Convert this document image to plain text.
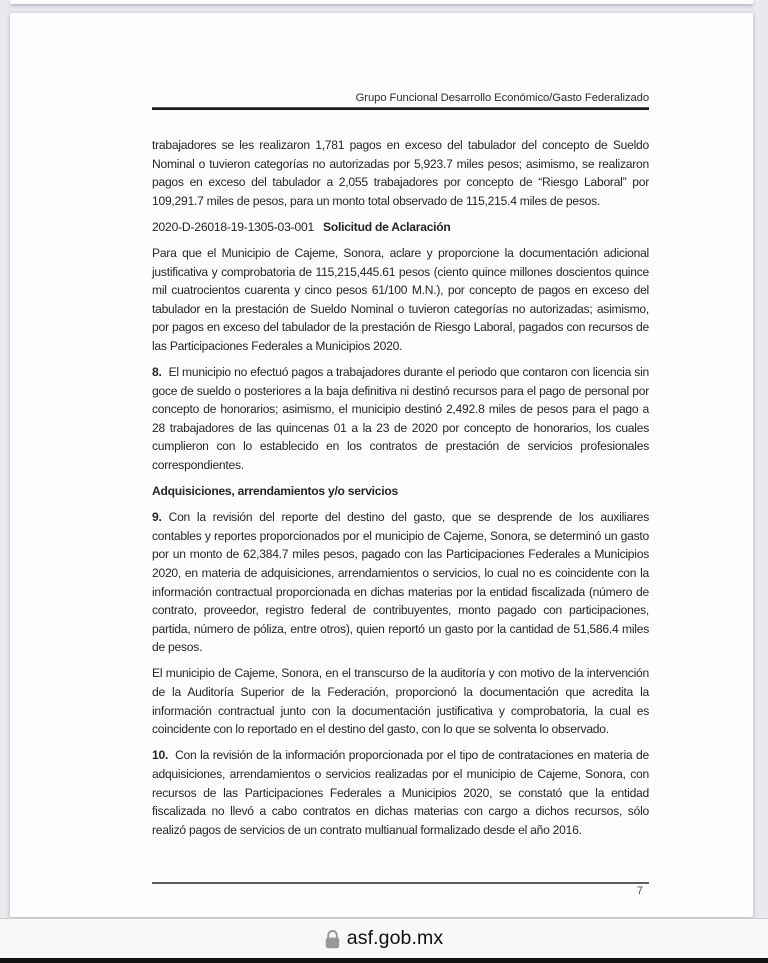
Grupo Funcional Desarrollo Económico/Gasto Federalizado

trabajadores se les realizaron 1,781 pagos en exceso del tabulador del concepto de Sueldo Nominal o tuvieron categorías no autorizadas por 5,923.7 miles pesos; asimismo, se realizaron pagos en exceso del tabulador a 2,055 trabajadores por concepto de “Riesgo Laboral” por 109,291.7 miles de pesos, para un monto total observado de 115,215.4 miles de pesos.

2020-D-26018-19-1305-03-001 Solicitud de Aclaración

Para que el Municipio de Cajeme, Sonora, aclare y proporcione la documentación adicional justificativa y comprobatoria de 115,215,445.61 pesos (ciento quince millones doscientos quince mil cuatrocientos cuarenta y cinco pesos 61/100 M.N.), por concepto de pagos en exceso del tabulador en la prestación de Sueldo Nominal o tuvieron categorías no autorizadas; asimismo, por pagos en exceso del tabulador de la prestación de Riesgo Laboral, pagados con recursos de las Participaciones Federales a Municipios 2020.

8. El municipio no efectuó pagos a trabajadores durante el periodo que contaron con licencia sin goce de sueldo o posteriores a la baja definitiva ni destinó recursos para el pago de personal por concepto de honorarios; asimismo, el municipio destinó 2,492.8 miles de pesos para el pago a 28 trabajadores de las quincenas 01 a la 23 de 2020 por concepto de honorarios, los cuales cumplieron con lo establecido en los contratos de prestación de servicios profesionales correspondientes.

Adquisiciones, arrendamientos y/o servicios

9. Con la revisión del reporte del destino del gasto, que se desprende de los auxiliares contables y reportes proporcionados por el municipio de Cajeme, Sonora, se determinó un gasto por un monto de 62,384.7 miles pesos, pagado con las Participaciones Federales a Municipios 2020, en materia de adquisiciones, arrendamientos o servicios, lo cual no es coincidente con la información contractual proporcionada en dichas materias por la entidad fiscalizada (número de contrato, proveedor, registro federal de contribuyentes, monto pagado con participaciones, partida, número de póliza, entre otros), quien reportó un gasto por la cantidad de 51,586.4 miles de pesos.

El municipio de Cajeme, Sonora, en el transcurso de la auditoría y con motivo de la intervención de la Auditoría Superior de la Federación, proporcionó la documentación que acredita la información contractual junto con la documentación justificativa y comprobatoria, la cual es coincidente con lo reportado en el destino del gasto, con lo que se solventa lo observado.

10. Con la revisión de la información proporcionada por el tipo de contrataciones en materia de adquisiciones, arrendamientos o servicios realizadas por el municipio de Cajeme, Sonora, con recursos de las Participaciones Federales a Municipios 2020, se constató que la entidad fiscalizada no llevó a cabo contratos en dichas materias con cargo a dichos recursos, sólo realizó pagos de servicios de un contrato multianual formalizado desde el año 2016.

7
asf.gob.mx
